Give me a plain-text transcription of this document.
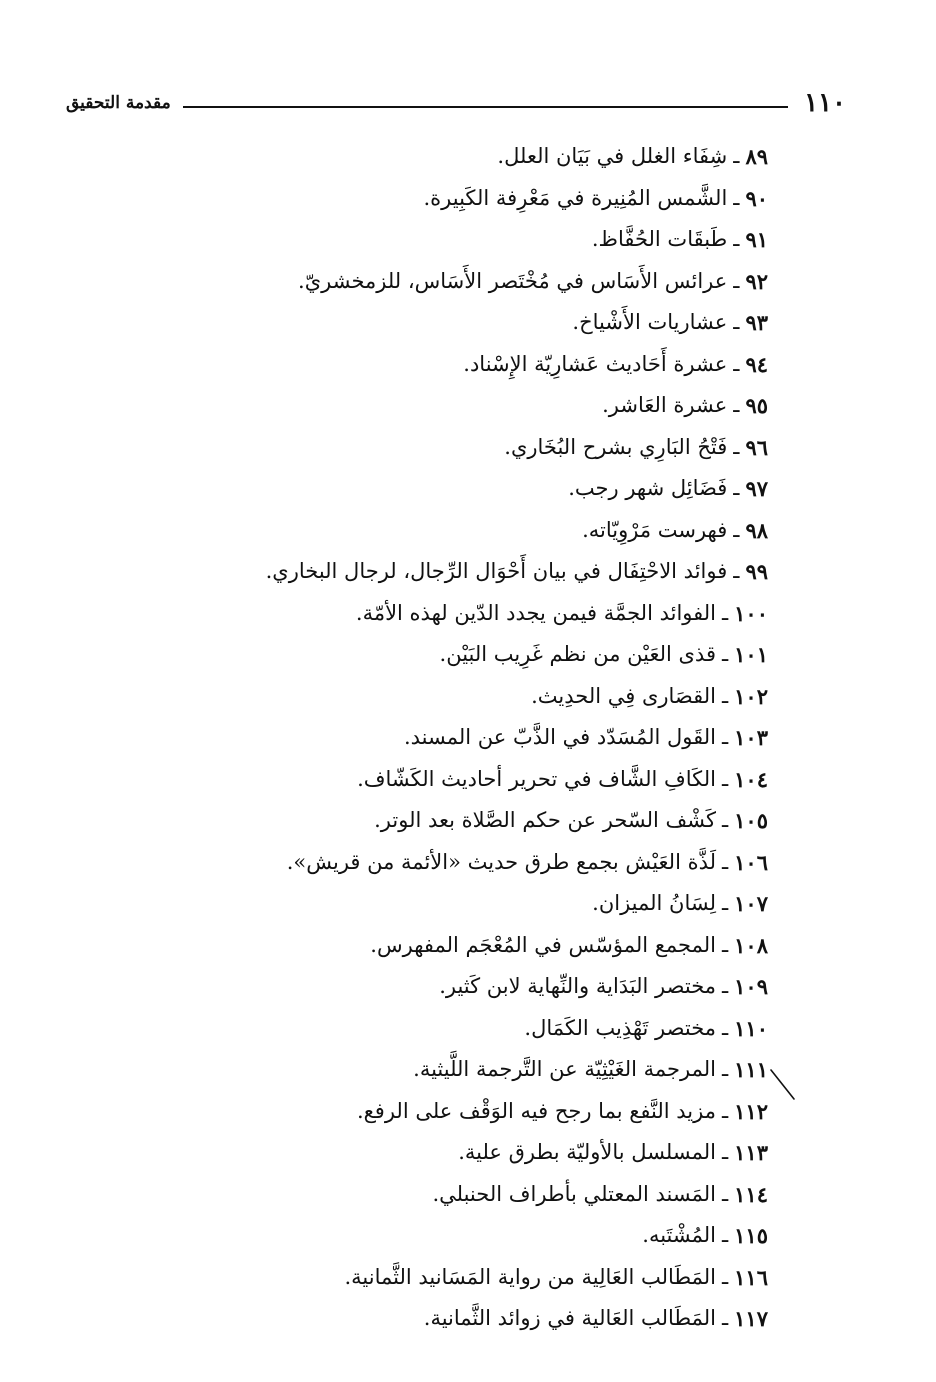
١١٠
مقدمة التحقيق
٨٩
ـ
شِفَاء الغلل في بَيَان العلل.
٩٠
ـ
الشَّمس المُنِيرة في مَعْرِفة الكَبِيرة.
٩١
ـ
طَبقَات الحُفَّاظ.
٩٢
ـ
عرائس الأَسَاس في مُخْتَصر الأَسَاس، للزمخشريّ.
٩٣
ـ
عشاريات الأَشْياخ.
٩٤
ـ
عشرة أَحَاديث عَشارِيّة الإِسْناد.
٩٥
ـ
عشرة العَاشر.
٩٦
ـ
فَتْحُ البَارِي بشرح البُخَاري.
٩٧
ـ
فَضَائِل شهر رجب.
٩٨
ـ
فهرست مَرْوِيّاته.
٩٩
ـ
فوائد الاحْتِفَال في بيان أَحْوَال الرِّجال، لرجال البخاري.
١٠٠
ـ
الفوائد الجمَّة فيمن يجدد الدّين لهذه الأمّة.
١٠١
ـ
قذى العَيْن من نظم غَرِيب البَيْن.
١٠٢
ـ
القصَارى فِي الحدِيث.
١٠٣
ـ
القَول المُسَدّد في الذَّبّ عن المسند.
١٠٤
ـ
الكَافِ الشَّاف في تحرير أحاديث الكَشّاف.
١٠٥
ـ
كَشْف السّحر عن حكم الصَّلاة بعد الوتر.
١٠٦
ـ
لَذَّة العَيْش بجمع طرق حديث «الأئمة من قريش».
١٠٧
ـ
لِسَانُ الميزان.
١٠٨
ـ
المجمع المؤسّس في المُعْجَم المفهرس.
١٠٩
ـ
مختصر البَدَاية والنِّهاية لابن كَثير.
١١٠
ـ
مختصر تَهْذِيب الكَمَال.
١١١
ـ
المرجمة الغَيْثِيّة عن التَّرجمة اللَّيثية.
١١٢
ـ
مزيد النَّفع بما رجح فيه الوَقْف على الرفع.
١١٣
ـ
المسلسل بالأوليّة بطرق علية.
١١٤
ـ
المَسند المعتلي بأطراف الحنبلي.
١١٥
ـ
المُشْتَبه.
١١٦
ـ
المَطَالب العَالِية من رواية المَسَانيد الثَّمانية.
١١٧
ـ
المَطَالب العَالية في زوائد الثَّمانية.
